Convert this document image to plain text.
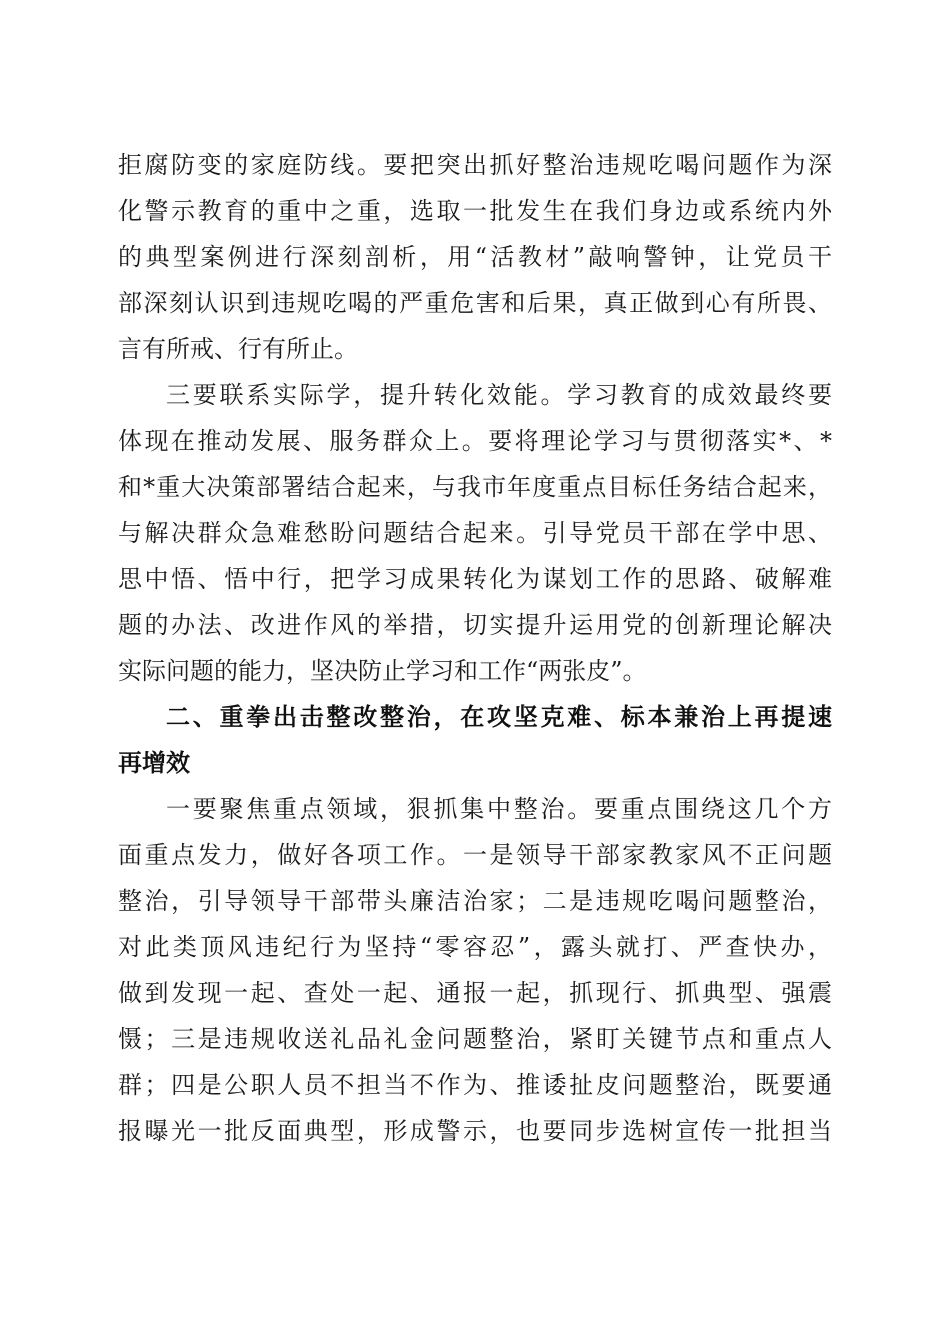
拒腐防变的家庭防线。要把突出抓好整治违规吃喝问题作为深
化警示教育的重中之重，选取一批发生在我们身边或系统内外
的典型案例进行深刻剖析，用“活教材”敲响警钟，让党员干
部深刻认识到违规吃喝的严重危害和后果，真正做到心有所畏、
言有所戒、行有所止。
三要联系实际学，提升转化效能。学习教育的成效最终要
体现在推动发展、服务群众上。要将理论学习与贯彻落实*、*
和*重大决策部署结合起来，与我市年度重点目标任务结合起来，
与解决群众急难愁盼问题结合起来。引导党员干部在学中思、
思中悟、悟中行，把学习成果转化为谋划工作的思路、破解难
题的办法、改进作风的举措，切实提升运用党的创新理论解决
实际问题的能力，坚决防止学习和工作“两张皮”。
二、重拳出击整改整治，在攻坚克难、标本兼治上再提速
再增效
一要聚焦重点领域，狠抓集中整治。要重点围绕这几个方
面重点发力，做好各项工作。一是领导干部家教家风不正问题
整治，引导领导干部带头廉洁治家；二是违规吃喝问题整治，
对此类顶风违纪行为坚持“零容忍”，露头就打、严查快办，
做到发现一起、查处一起、通报一起，抓现行、抓典型、强震
慑；三是违规收送礼品礼金问题整治，紧盯关键节点和重点人
群；四是公职人员不担当不作为、推诿扯皮问题整治，既要通
报曝光一批反面典型，形成警示，也要同步选树宣传一批担当
